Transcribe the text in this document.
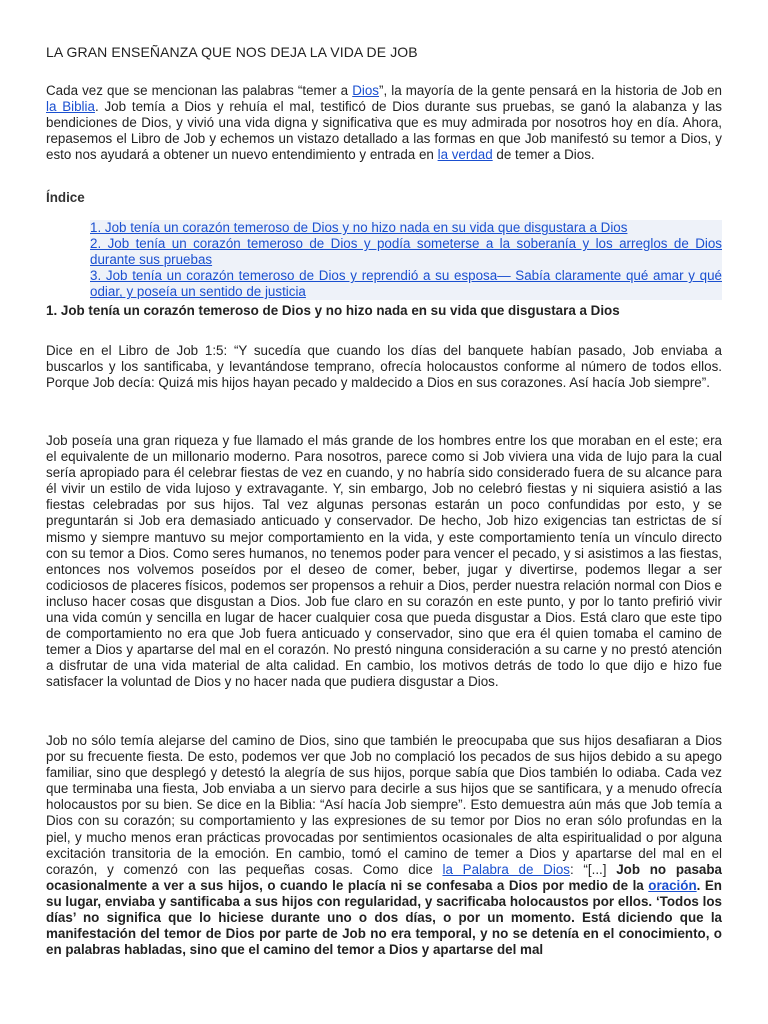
LA GRAN ENSEÑANZA QUE NOS DEJA LA VIDA DE JOB

Cada vez que se mencionan las palabras “temer a Dios”, la mayoría de la gente pensará en la historia de Job en la Biblia. Job temía a Dios y rehuía el mal, testificó de Dios durante sus pruebas, se ganó la alabanza y las bendiciones de Dios, y vivió una vida digna y significativa que es muy admirada por nosotros hoy en día. Ahora, repasemos el Libro de Job y echemos un vistazo detallado a las formas en que Job manifestó su temor a Dios, y esto nos ayudará a obtener un nuevo entendimiento y entrada en la verdad de temer a Dios.

Índice
1. Job tenía un corazón temeroso de Dios y no hizo nada en su vida que disgustara a Dios
2. Job tenía un corazón temeroso de Dios y podía someterse a la soberanía y los arreglos de Dios durante sus pruebas
3. Job tenía un corazón temeroso de Dios y reprendió a su esposa— Sabía claramente qué amar y qué odiar, y poseía un sentido de justicia
1. Job tenía un corazón temeroso de Dios y no hizo nada en su vida que disgustara a Dios

Dice en el Libro de Job 1:5: “Y sucedía que cuando los días del banquete habían pasado, Job enviaba a buscarlos y los santificaba, y levantándose temprano, ofrecía holocaustos conforme al número de todos ellos. Porque Job decía: Quizá mis hijos hayan pecado y maldecido a Dios en sus corazones. Así hacía Job siempre”.

Job poseía una gran riqueza y fue llamado el más grande de los hombres entre los que moraban en el este; era el equivalente de un millonario moderno. Para nosotros, parece como si Job viviera una vida de lujo para la cual sería apropiado para él celebrar fiestas de vez en cuando, y no habría sido considerado fuera de su alcance para él vivir un estilo de vida lujoso y extravagante. Y, sin embargo, Job no celebró fiestas y ni siquiera asistió a las fiestas celebradas por sus hijos. Tal vez algunas personas estarán un poco confundidas por esto, y se preguntarán si Job era demasiado anticuado y conservador. De hecho, Job hizo exigencias tan estrictas de sí mismo y siempre mantuvo su mejor comportamiento en la vida, y este comportamiento tenía un vínculo directo con su temor a Dios. Como seres humanos, no tenemos poder para vencer el pecado, y si asistimos a las fiestas, entonces nos volvemos poseídos por el deseo de comer, beber, jugar y divertirse, podemos llegar a ser codiciosos de placeres físicos, podemos ser propensos a rehuir a Dios, perder nuestra relación normal con Dios e incluso hacer cosas que disgustan a Dios. Job fue claro en su corazón en este punto, y por lo tanto prefirió vivir una vida común y sencilla en lugar de hacer cualquier cosa que pueda disgustar a Dios. Está claro que este tipo de comportamiento no era que Job fuera anticuado y conservador, sino que era él quien tomaba el camino de temer a Dios y apartarse del mal en el corazón. No prestó ninguna consideración a su carne y no prestó atención a disfrutar de una vida material de alta calidad. En cambio, los motivos detrás de todo lo que dijo e hizo fue satisfacer la voluntad de Dios y no hacer nada que pudiera disgustar a Dios.

Job no sólo temía alejarse del camino de Dios, sino que también le preocupaba que sus hijos desafiaran a Dios por su frecuente fiesta. De esto, podemos ver que Job no complació los pecados de sus hijos debido a su apego familiar, sino que desplegó y detestó la alegría de sus hijos, porque sabía que Dios también lo odiaba. Cada vez que terminaba una fiesta, Job enviaba a un siervo para decirle a sus hijos que se santificara, y a menudo ofrecía holocaustos por su bien. Se dice en la Biblia: “Así hacía Job siempre”. Esto demuestra aún más que Job temía a Dios con su corazón; su comportamiento y las expresiones de su temor por Dios no eran sólo profundas en la piel, y mucho menos eran prácticas provocadas por sentimientos ocasionales de alta espiritualidad o por alguna excitación transitoria de la emoción. En cambio, tomó el camino de temer a Dios y apartarse del mal en el corazón, y comenzó con las pequeñas cosas. Como dice la Palabra de Dios: “[...] Job no pasaba ocasionalmente a ver a sus hijos, o cuando le placía ni se confesaba a Dios por medio de la oración. En su lugar, enviaba y santificaba a sus hijos con regularidad, y sacrificaba holocaustos por ellos. ‘Todos los días’ no significa que lo hiciese durante uno o dos días, o por un momento. Está diciendo que la manifestación del temor de Dios por parte de Job no era temporal, y no se detenía en el conocimiento, o en palabras habladas, sino que el camino del temor a Dios y apartarse del mal
